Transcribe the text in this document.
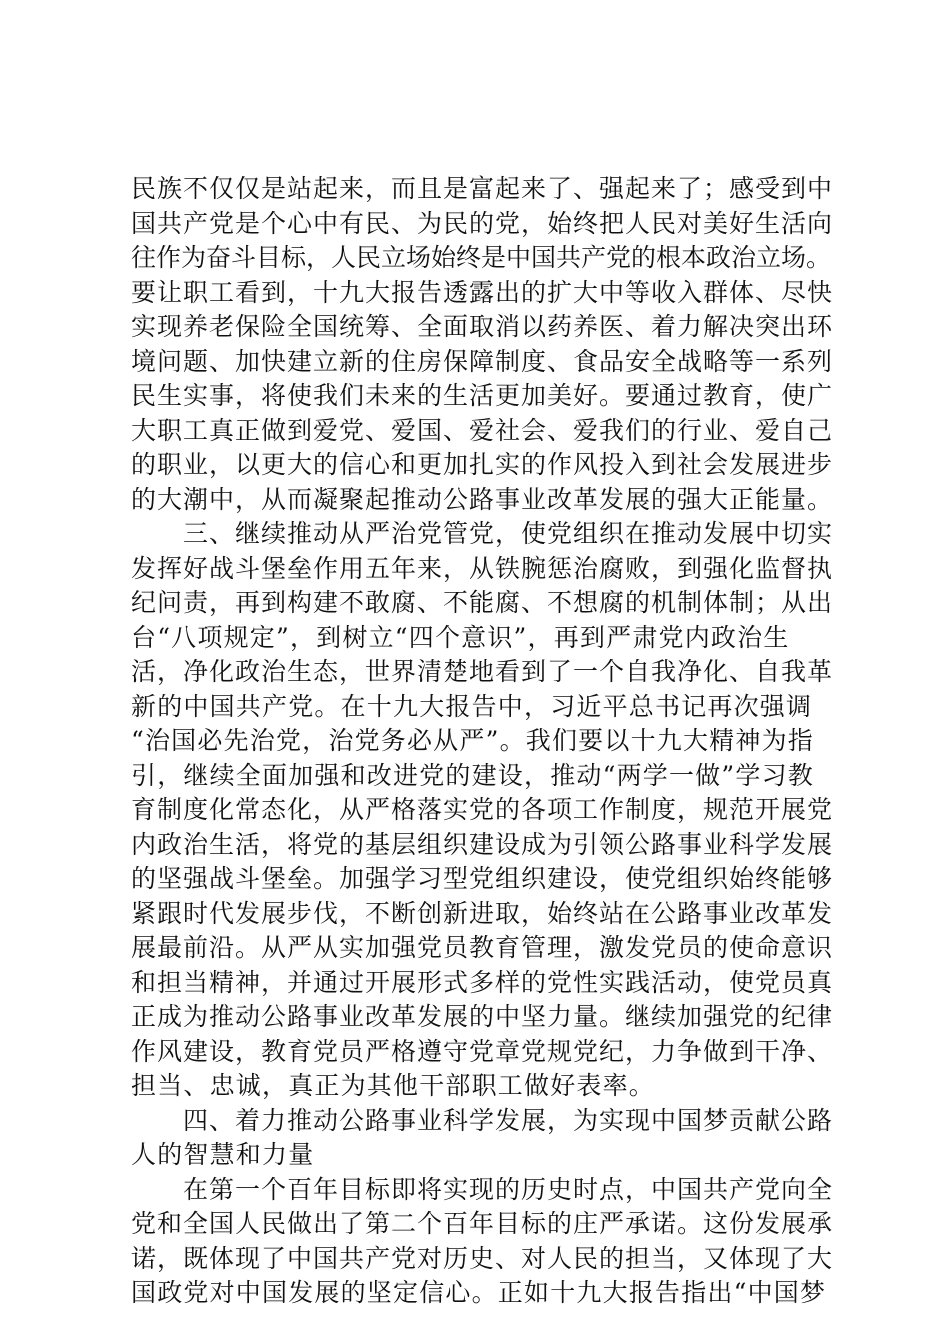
民族不仅仅是站起来，而且是富起来了、强起来了；感受到中
国共产党是个心中有民、为民的党，始终把人民对美好生活向
往作为奋斗目标，人民立场始终是中国共产党的根本政治立场。
要让职工看到，十九大报告透露出的扩大中等收入群体、尽快
实现养老保险全国统筹、全面取消以药养医、着力解决突出环
境问题、加快建立新的住房保障制度、食品安全战略等一系列
民生实事，将使我们未来的生活更加美好。要通过教育，使广
大职工真正做到爱党、爱国、爱社会、爱我们的行业、爱自己
的职业，以更大的信心和更加扎实的作风投入到社会发展进步
的大潮中，从而凝聚起推动公路事业改革发展的强大正能量。
　　三、继续推动从严治党管党，使党组织在推动发展中切实
发挥好战斗堡垒作用五年来，从铁腕惩治腐败，到强化监督执
纪问责，再到构建不敢腐、不能腐、不想腐的机制体制；从出
台“八项规定”，到树立“四个意识”，再到严肃党内政治生
活，净化政治生态，世界清楚地看到了一个自我净化、自我革
新的中国共产党。在十九大报告中，习近平总书记再次强调
“治国必先治党，治党务必从严”。我们要以十九大精神为指
引，继续全面加强和改进党的建设，推动“两学一做”学习教
育制度化常态化，从严格落实党的各项工作制度，规范开展党
内政治生活，将党的基层组织建设成为引领公路事业科学发展
的坚强战斗堡垒。加强学习型党组织建设，使党组织始终能够
紧跟时代发展步伐，不断创新进取，始终站在公路事业改革发
展最前沿。从严从实加强党员教育管理，激发党员的使命意识
和担当精神，并通过开展形式多样的党性实践活动，使党员真
正成为推动公路事业改革发展的中坚力量。继续加强党的纪律
作风建设，教育党员严格遵守党章党规党纪，力争做到干净、
担当、忠诚，真正为其他干部职工做好表率。
　　四、着力推动公路事业科学发展，为实现中国梦贡献公路
人的智慧和力量
　　在第一个百年目标即将实现的历史时点，中国共产党向全
党和全国人民做出了第二个百年目标的庄严承诺。这份发展承
诺，既体现了中国共产党对历史、对人民的担当，又体现了大
国政党对中国发展的坚定信心。正如十九大报告指出“中国梦
